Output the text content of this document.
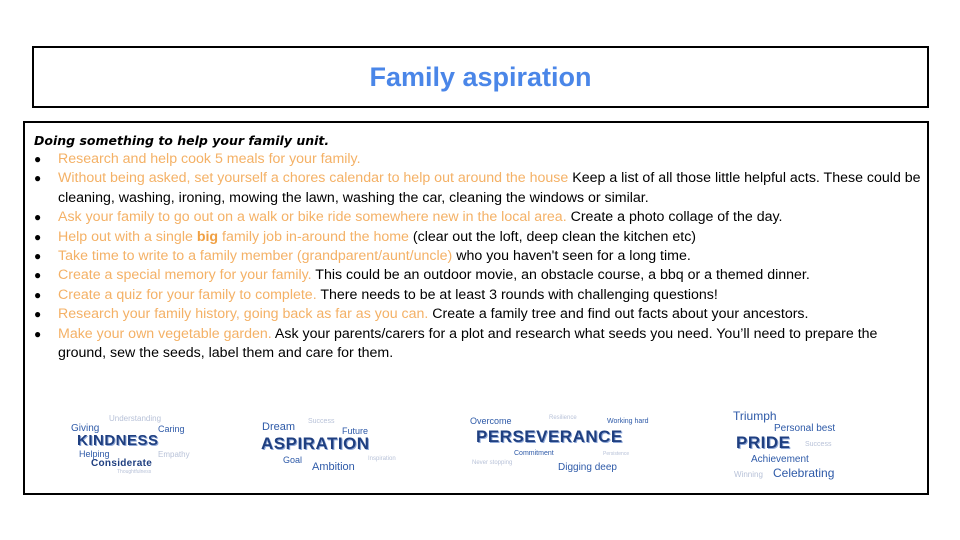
Family aspiration
Doing something to help your family unit.
● Research and help cook 5 meals for your family.
● Without being asked, set yourself a chores calendar to help out around the house Keep a list of all those little helpful acts. These could be cleaning, washing, ironing, mowing the lawn, washing the car, cleaning the windows or similar.
● Ask your family to go out on a walk or bike ride somewhere new in the local area. Create a photo collage of the day.
● Help out with a single big family job in-around the home (clear out the loft, deep clean the kitchen etc)
● Take time to write to a family member (grandparent/aunt/uncle) who you haven't seen for a long time.
● Create a special memory for your family. This could be an outdoor movie, an obstacle course, a bbq or a themed dinner.
● Create a quiz for your family to complete. There needs to be at least 3 rounds with challenging questions!
● Research your family history, going back as far as you can. Create a family tree and find out facts about your ancestors.
● Make your own vegetable garden. Ask your parents/carers for a plot and research what seeds you need. You’ll need to prepare the ground, sew the seeds, label them and care for them.
Understanding
Giving	Caring
KINDNESS
Helping	Empathy
Considerate
Thoughtfulness
Dream Success
Future
ASPIRATION
Goal
Ambition
Inspiration
Overcome	Resilience	Working hard
PERSEVERANCE
Commitment	Persistence
Never stopping	Digging deep
Triumph
Personal best
PRIDE Success
Achievement
Winning Celebrating
